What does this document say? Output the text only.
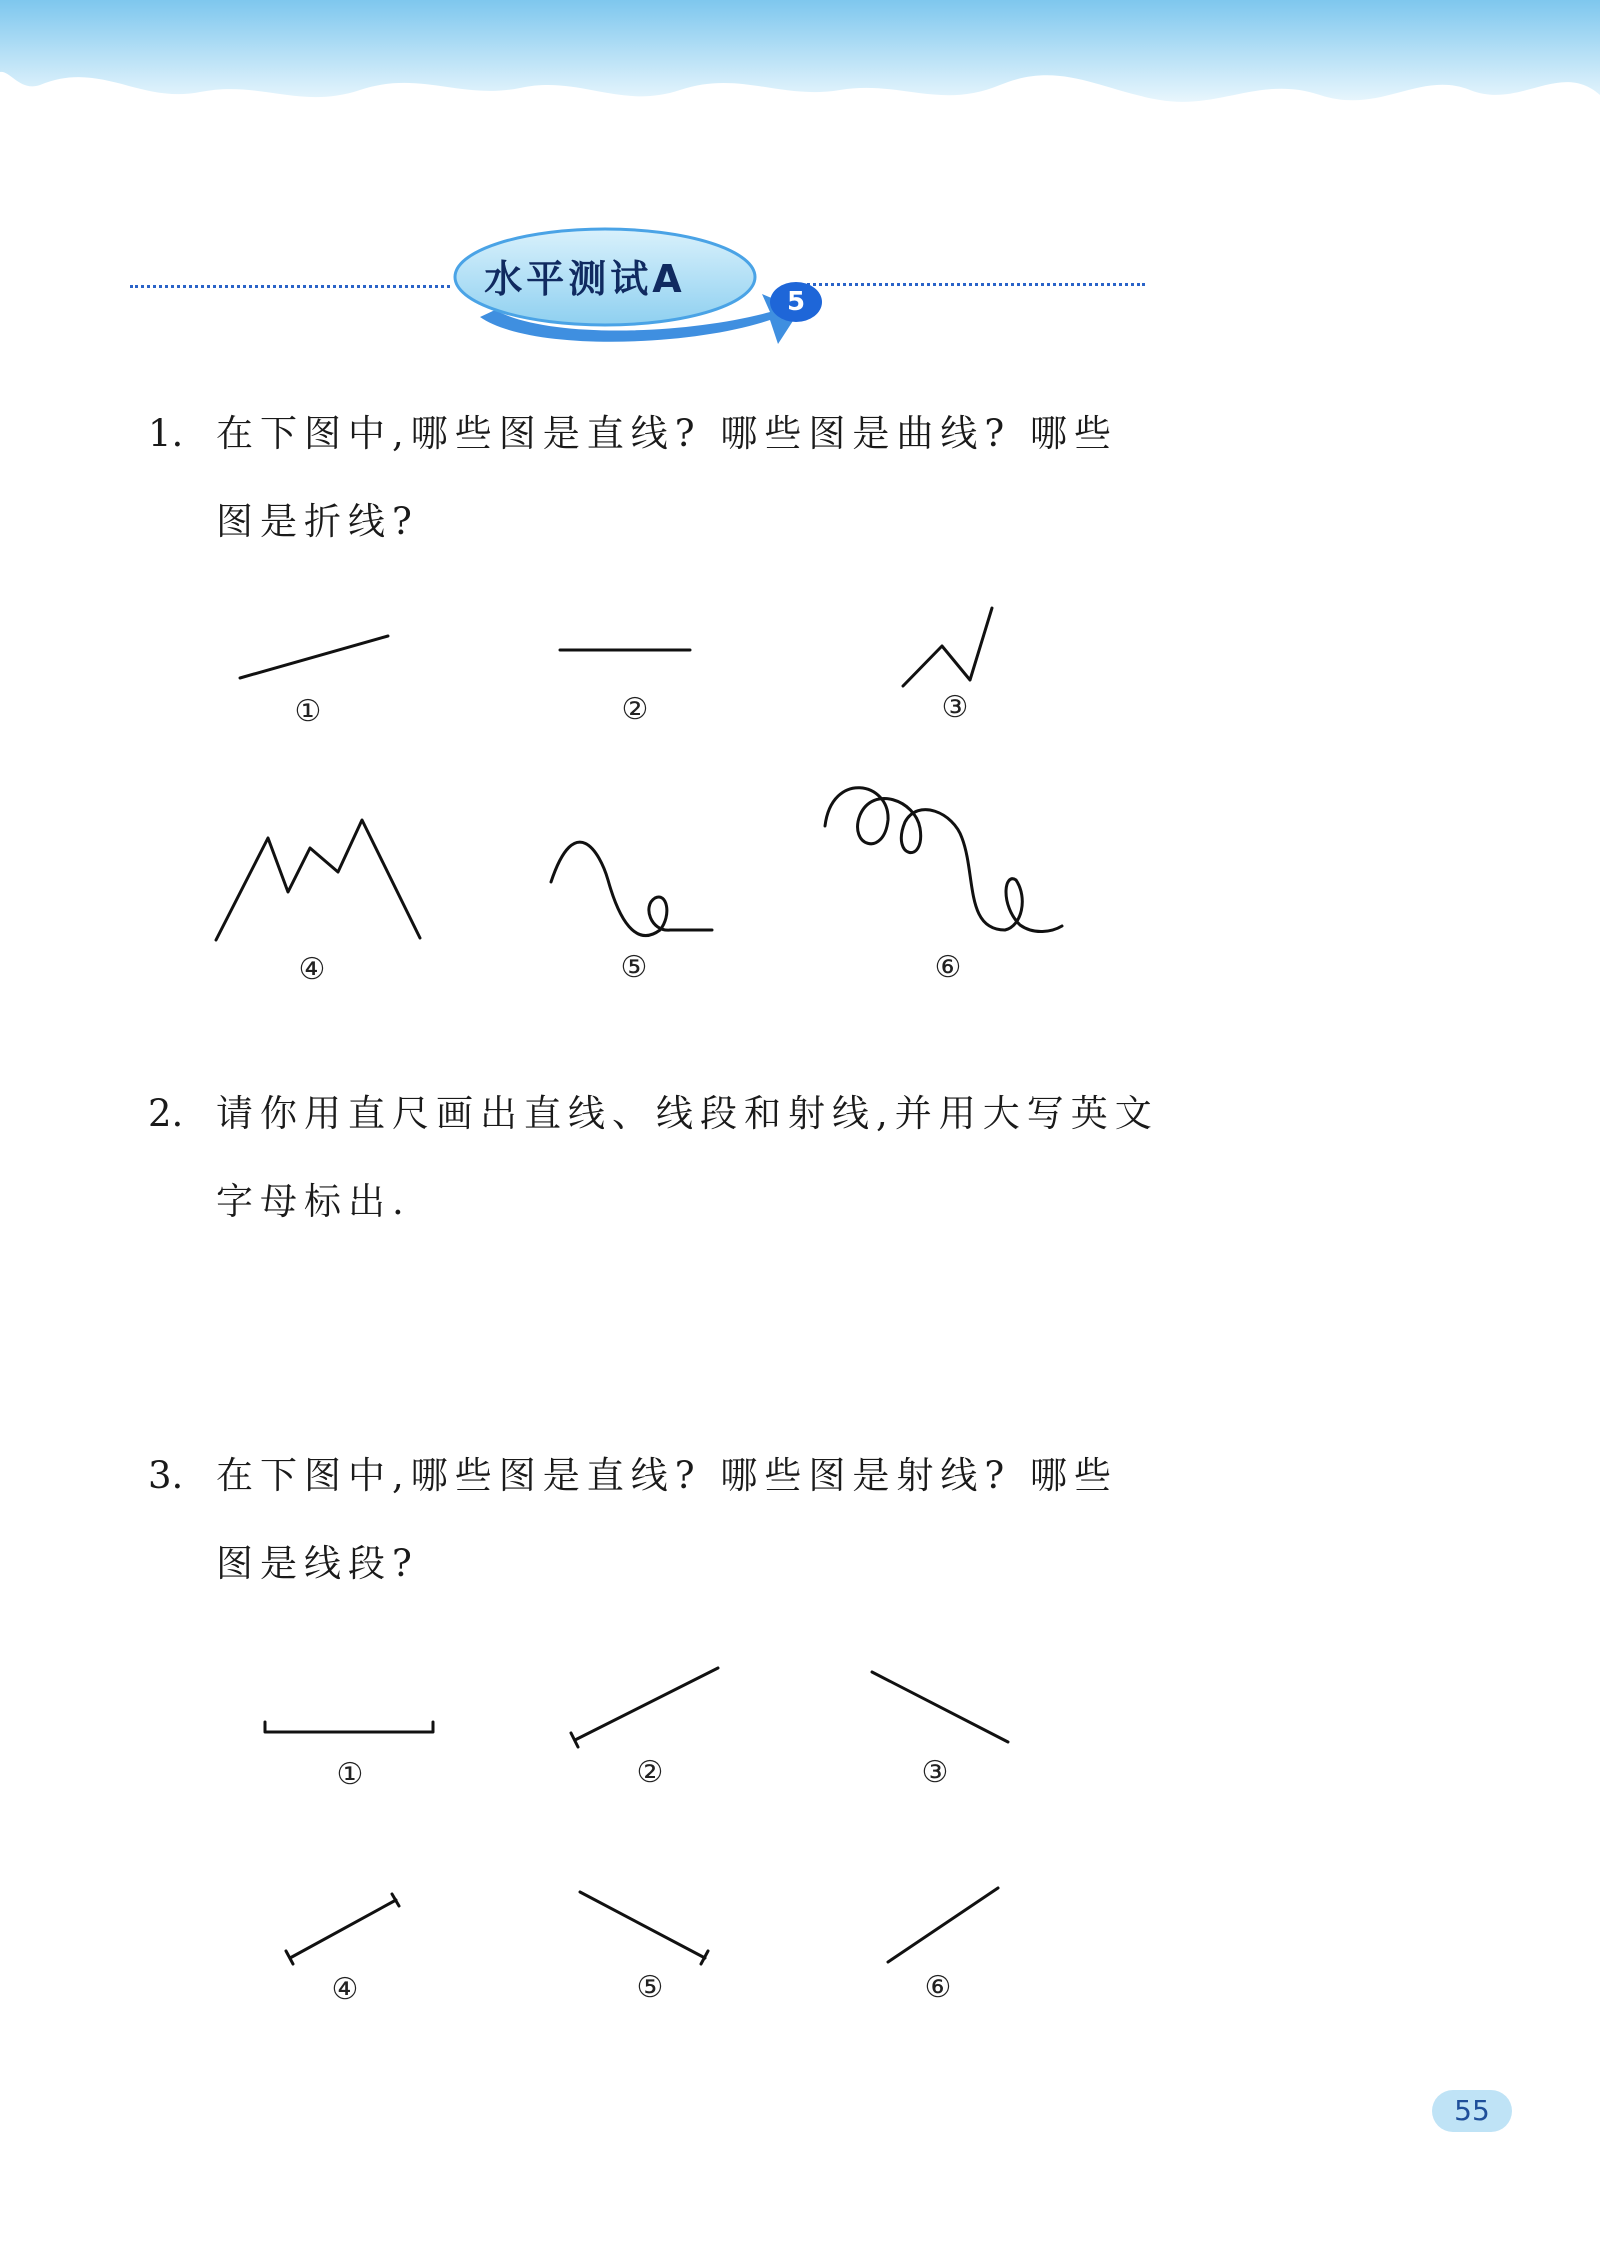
水平测试A
5
1. 在下图中,哪些图是直线? 哪些图是曲线? 哪些
图是折线?
2. 请你用直尺画出直线、线段和射线,并用大写英文
字母标出.
3. 在下图中,哪些图是直线? 哪些图是射线? 哪些
图是线段?
①	②	③
④	⑤	⑥
①	②	③
④	⑤	⑥
55
